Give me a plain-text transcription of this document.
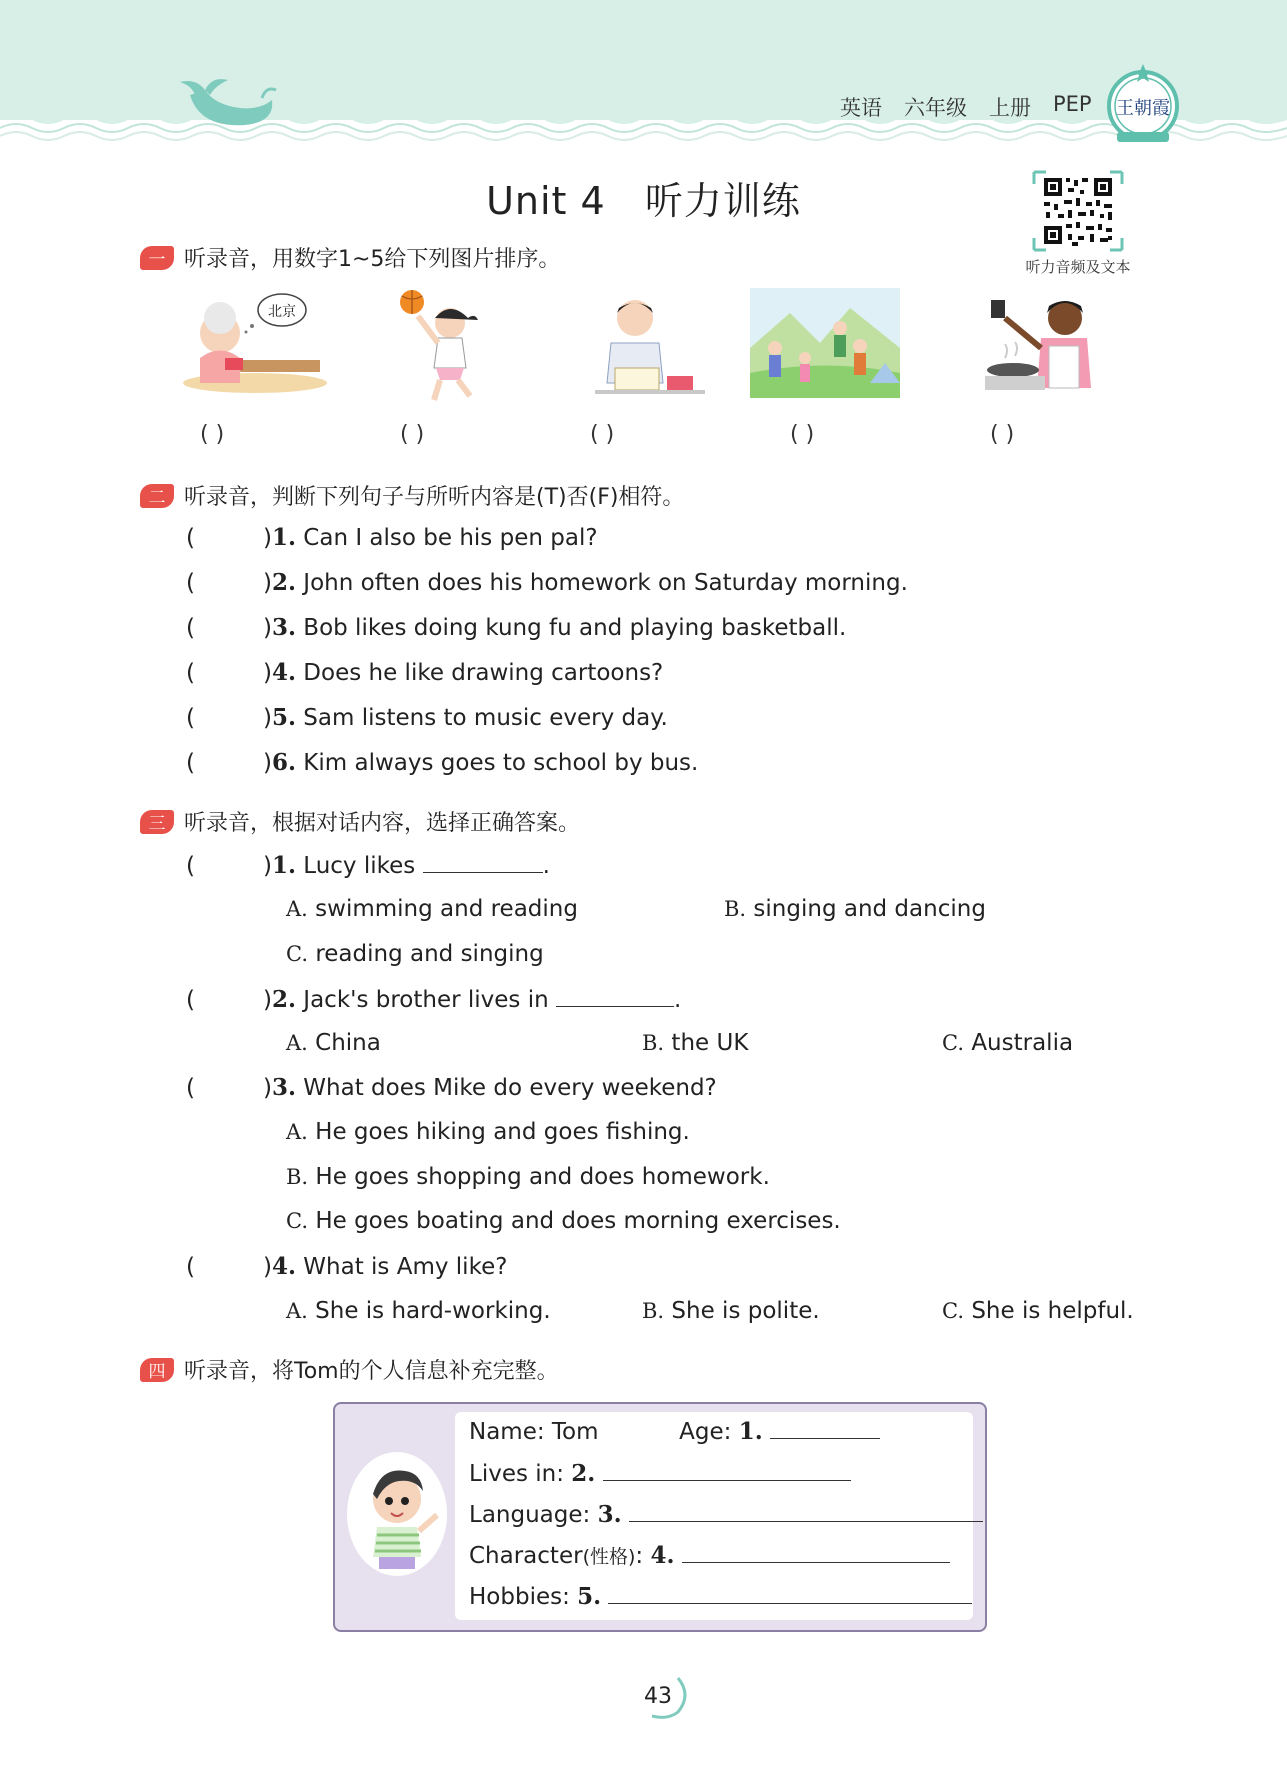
英语 六年级 上册 PEP 王朝霞
Unit 4   听力训练
听力音频及文本
一 听录音，用数字1~5给下列图片排序。
北京
( )	( )	( )	( )	( )
二 听录音，判断下列句子与所听内容是(T)否(F)相符。
(	)1. Can I also be his pen pal?
(	)2. John often does his homework on Saturday morning.
(	)3. Bob likes doing kung fu and playing basketball.
(	)4. Does he like drawing cartoons?
(	)5. Sam listens to music every day.
(	)6. Kim always goes to school by bus.
三 听录音，根据对话内容，选择正确答案。
(	)1. Lucy likes	.
A. swimming and reading	B. singing and dancing
C. reading and singing
(	)2. Jack's brother lives in	.
A. China	B. the UK	C. Australia
(	)3. What does Mike do every weekend?
A. He goes hiking and goes fishing.
B. He goes shopping and does homework.
C. He goes boating and does morning exercises.
(	)4. What is Amy like?
A. She is hard-working.	B. She is polite.	C. She is helpful.
四 听录音，将Tom的个人信息补充完整。
Name: Tom	Age: 1.
Lives in: 2.
Language: 3.
Character(性格): 4.
Hobbies: 5.
43
